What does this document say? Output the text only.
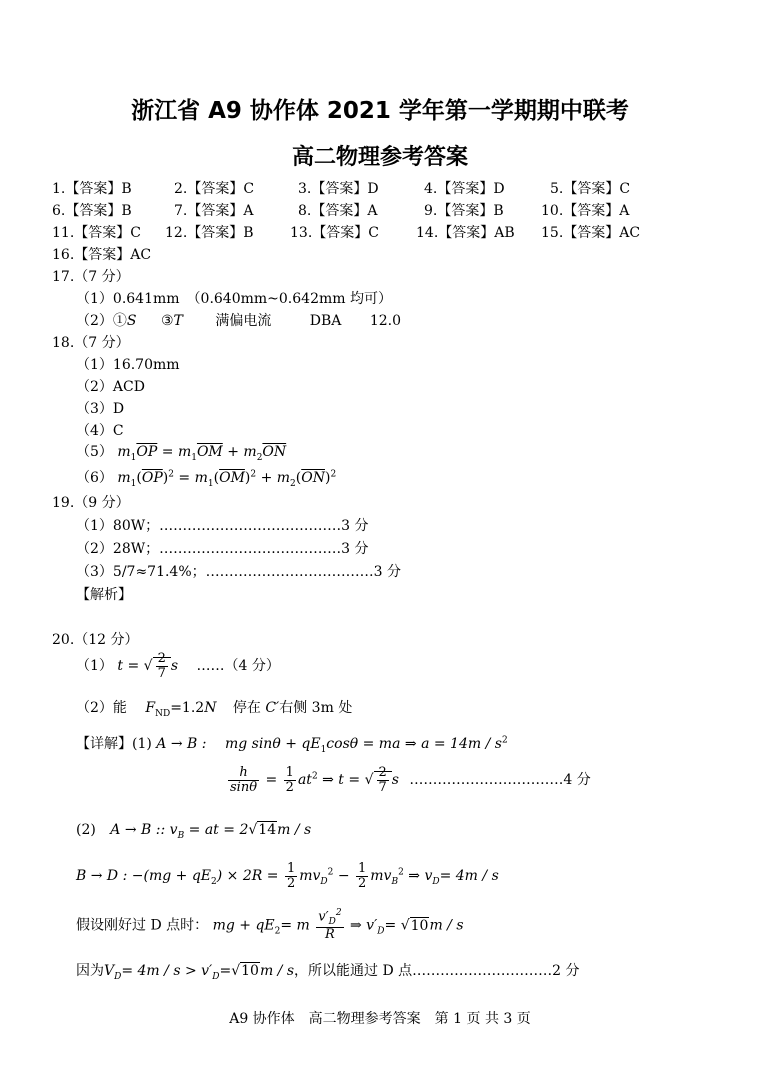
浙江省 A9 协作体 2021 学年第一学期期中联考
高二物理参考答案
1.【答案】B	2.【答案】C	3.【答案】D	4.【答案】D	5.【答案】C
6.【答案】B	7.【答案】A	8.【答案】A	9.【答案】B	10.【答案】A
11.【答案】C 12.【答案】B	13.【答案】C	14.【答案】AB 15.【答案】AC
16.【答案】AC
17.（7 分）
（1）0.641mm　（0.640mm~0.642mm 均可）
（2）①S ③T 满偏电流	DBA 12.0
18.（7 分）
（1）16.70mm
（2）ACD
（3）D
（4）C
（5） $m_1\overline{OP} = m_1\overline{OM} + m_2\overline{ON}$
（6） $m_1(\overline{OP})^2 = m_1(\overline{OM})^2 + m_2(\overline{ON})^2$
19.（9 分）
（1）80W；…………………………………3 分
（2）28W；…………………………………3 分
（3）5/7≈71.4%；………………………………3 分
【解析】
20.（12 分）
（1） t = √ $\frac{2}{7}$ s ……（4 分）
（2）能 $F_{ND}=1.2N$ 停在 C′右侧 3m 处
【详解】(1) A → B : mg $\sin\theta + qE_1\cos\theta$ = ma ⇒ $a = 14m / s^2$
$\frac{h}{\sin\theta} = \frac{1}{2} at^2$ ⇒ t = √ $\frac{2}{7}$ s ……………………………4 分
(2) A → B :: $v_B$ = at = 2√14m / s
B → D : $-(mg + qE_2) \times 2R = \frac{1}{2} mv_D^2 - \frac{1}{2} mv_B^2$ ⇒ $v_D= 4m / s$
假设刚好过 D 点时： mg + $qE_2= m \frac{v'_D^2}{R}$ ⇒ $v'_D= √10m / s$
因为$V_D= 4m / s > v'_D=√10m / s$，所以能通过 D 点…………………………2 分
A9 协作体　高二物理参考答案　第 1 页 共 3 页
